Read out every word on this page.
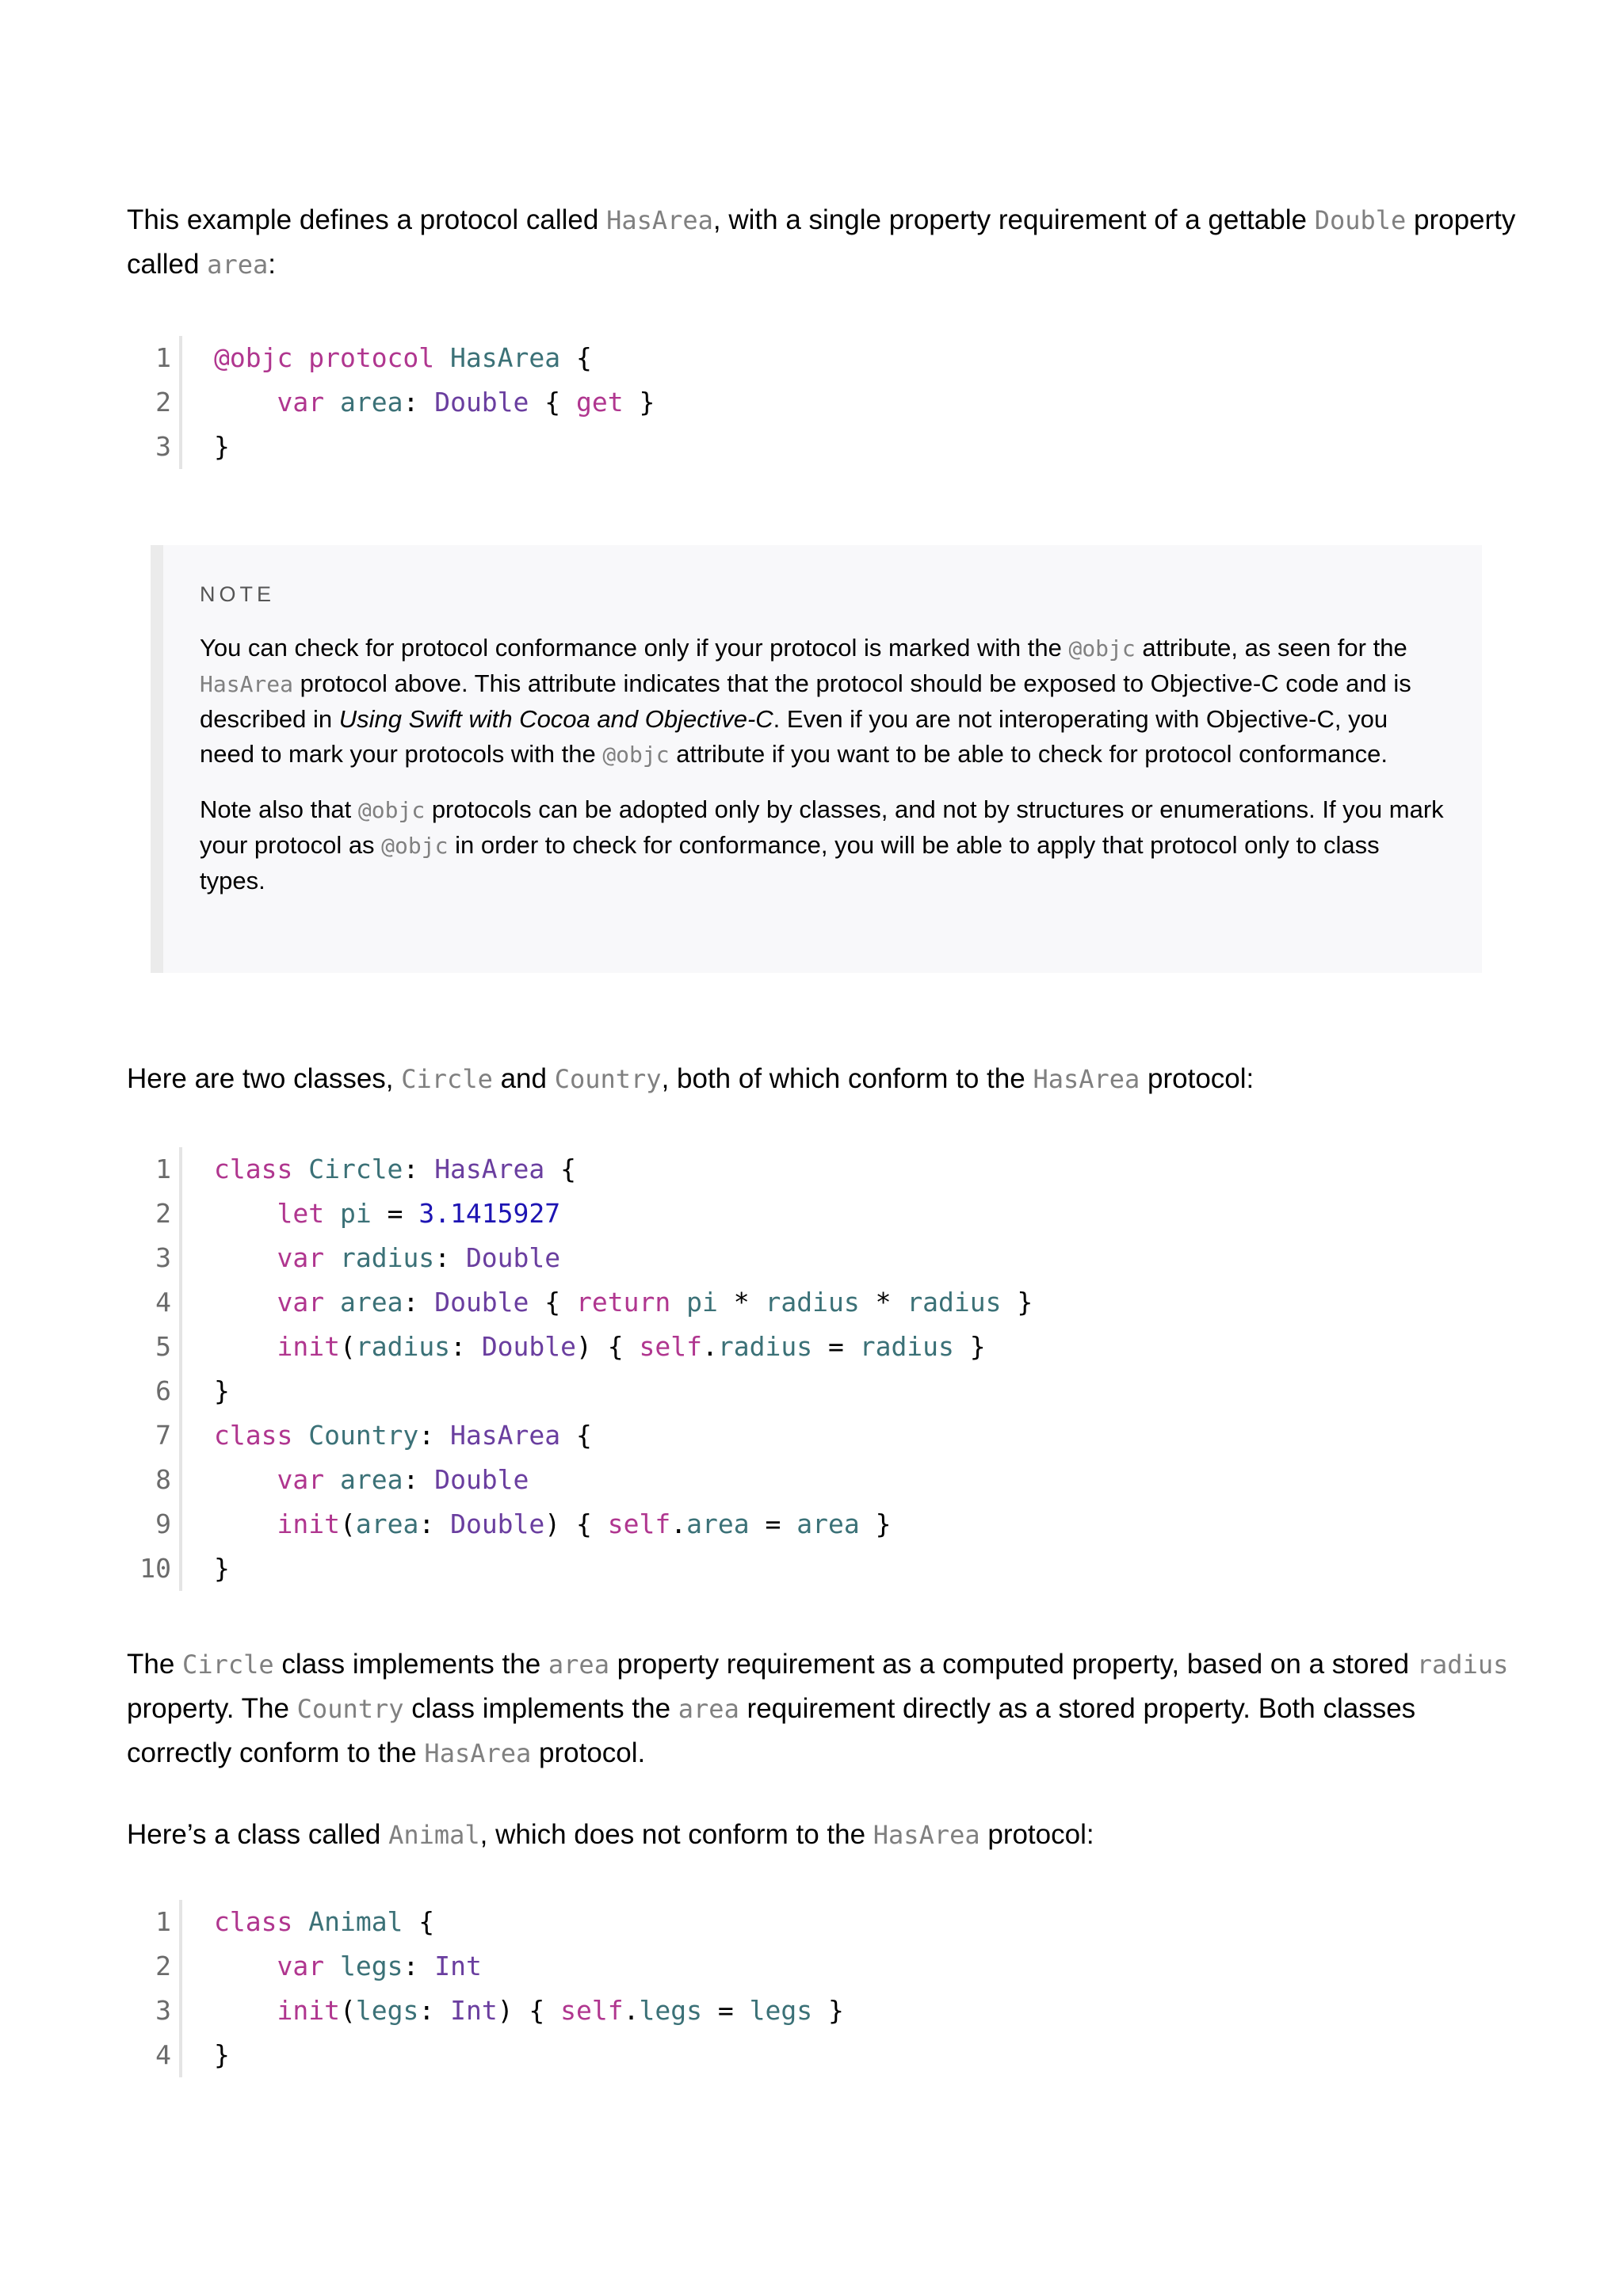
This example defines a protocol called HasArea, with a single property requirement of a gettable Double property called area:

1 @objc protocol HasArea {
2	var area: Double { get }
3 }
NOTE

You can check for protocol conformance only if your protocol is marked with the @objc attribute, as seen for the HasArea protocol above. This attribute indicates that the protocol should be exposed to Objective-C code and is described in Using Swift with Cocoa and Objective-C. Even if you are not interoperating with Objective-C, you need to mark your protocols with the @objc attribute if you want to be able to check for protocol conformance.

Note also that @objc protocols can be adopted only by classes, and not by structures or enumerations. If you mark your protocol as @objc in order to check for conformance, you will be able to apply that protocol only to class types.

Here are two classes, Circle and Country, both of which conform to the HasArea protocol:

1 class Circle: HasArea {
2	let pi = 3.1415927
3	var radius: Double
4	var area: Double { return pi * radius * radius }
5	init(radius: Double) { self.radius = radius }
6 }
7 class Country: HasArea {
8	var area: Double
9	init(area: Double) { self.area = area }
10 }

The Circle class implements the area property requirement as a computed property, based on a stored radius property. The Country class implements the area requirement directly as a stored property. Both classes correctly conform to the HasArea protocol.

Here’s a class called Animal, which does not conform to the HasArea protocol:

1 class Animal {
2	var legs: Int
3	init(legs: Int) { self.legs = legs }
4 }
